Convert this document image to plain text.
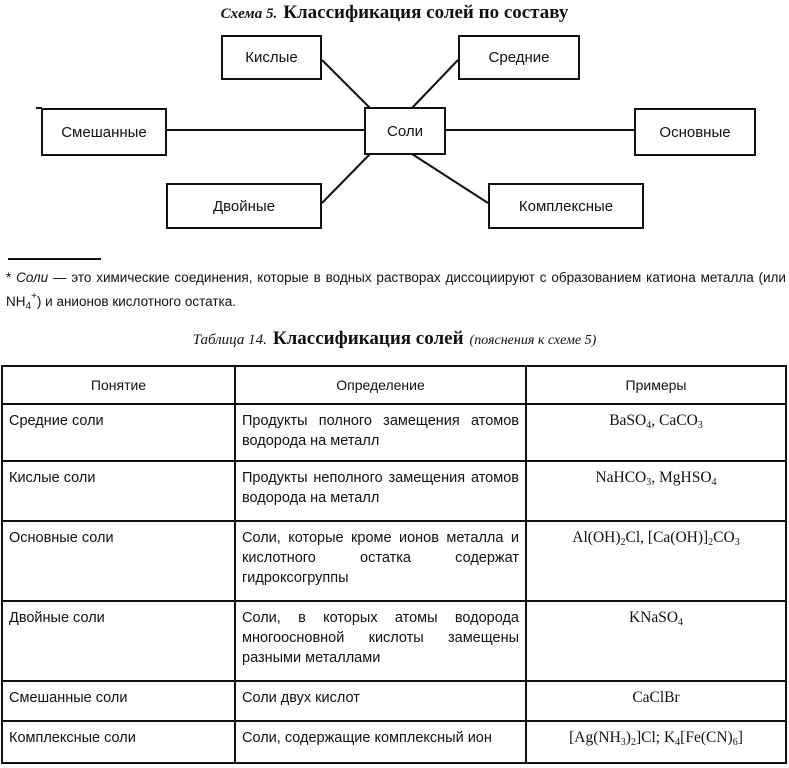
Схема 5. Классификация солей по составу
Соли
Кислые	Средние
Смешанные	Основные
Двойные	Комплексные
* Соли — это химические соединения, которые в водных растворах диссоциируют с образованием катиона металла (или $NH_4^+$) и анионов кислотного остатка.
Таблица 14. Классификация солей (пояснения к схеме 5)
Понятие	Определение	Примеры
Средние соли	Продукты полного замещения атомов водорода на металл	BaSO$_4$, CaCO$_3$
Кислые соли	Продукты неполного замещения атомов водорода на металл	NaHCO$_3$, MgHSO$_4$
Основные соли	Соли, которые кроме ионов металла и кислотного остатка содержат гидроксогруппы	$Al(OH)_2Cl$, $[Ca(OH)]_2CO_3$
Двойные соли	Соли, в которых атомы водорода многоосновной кислоты замещены разными металлами	KNaSO$_4$
Смешанные соли	Соли двух кислот	CaClBr
Комплексные соли	Соли, содержащие комплексный ион	$[Ag(NH_3)_2]Cl$; $K_4[Fe(CN)_6]$
